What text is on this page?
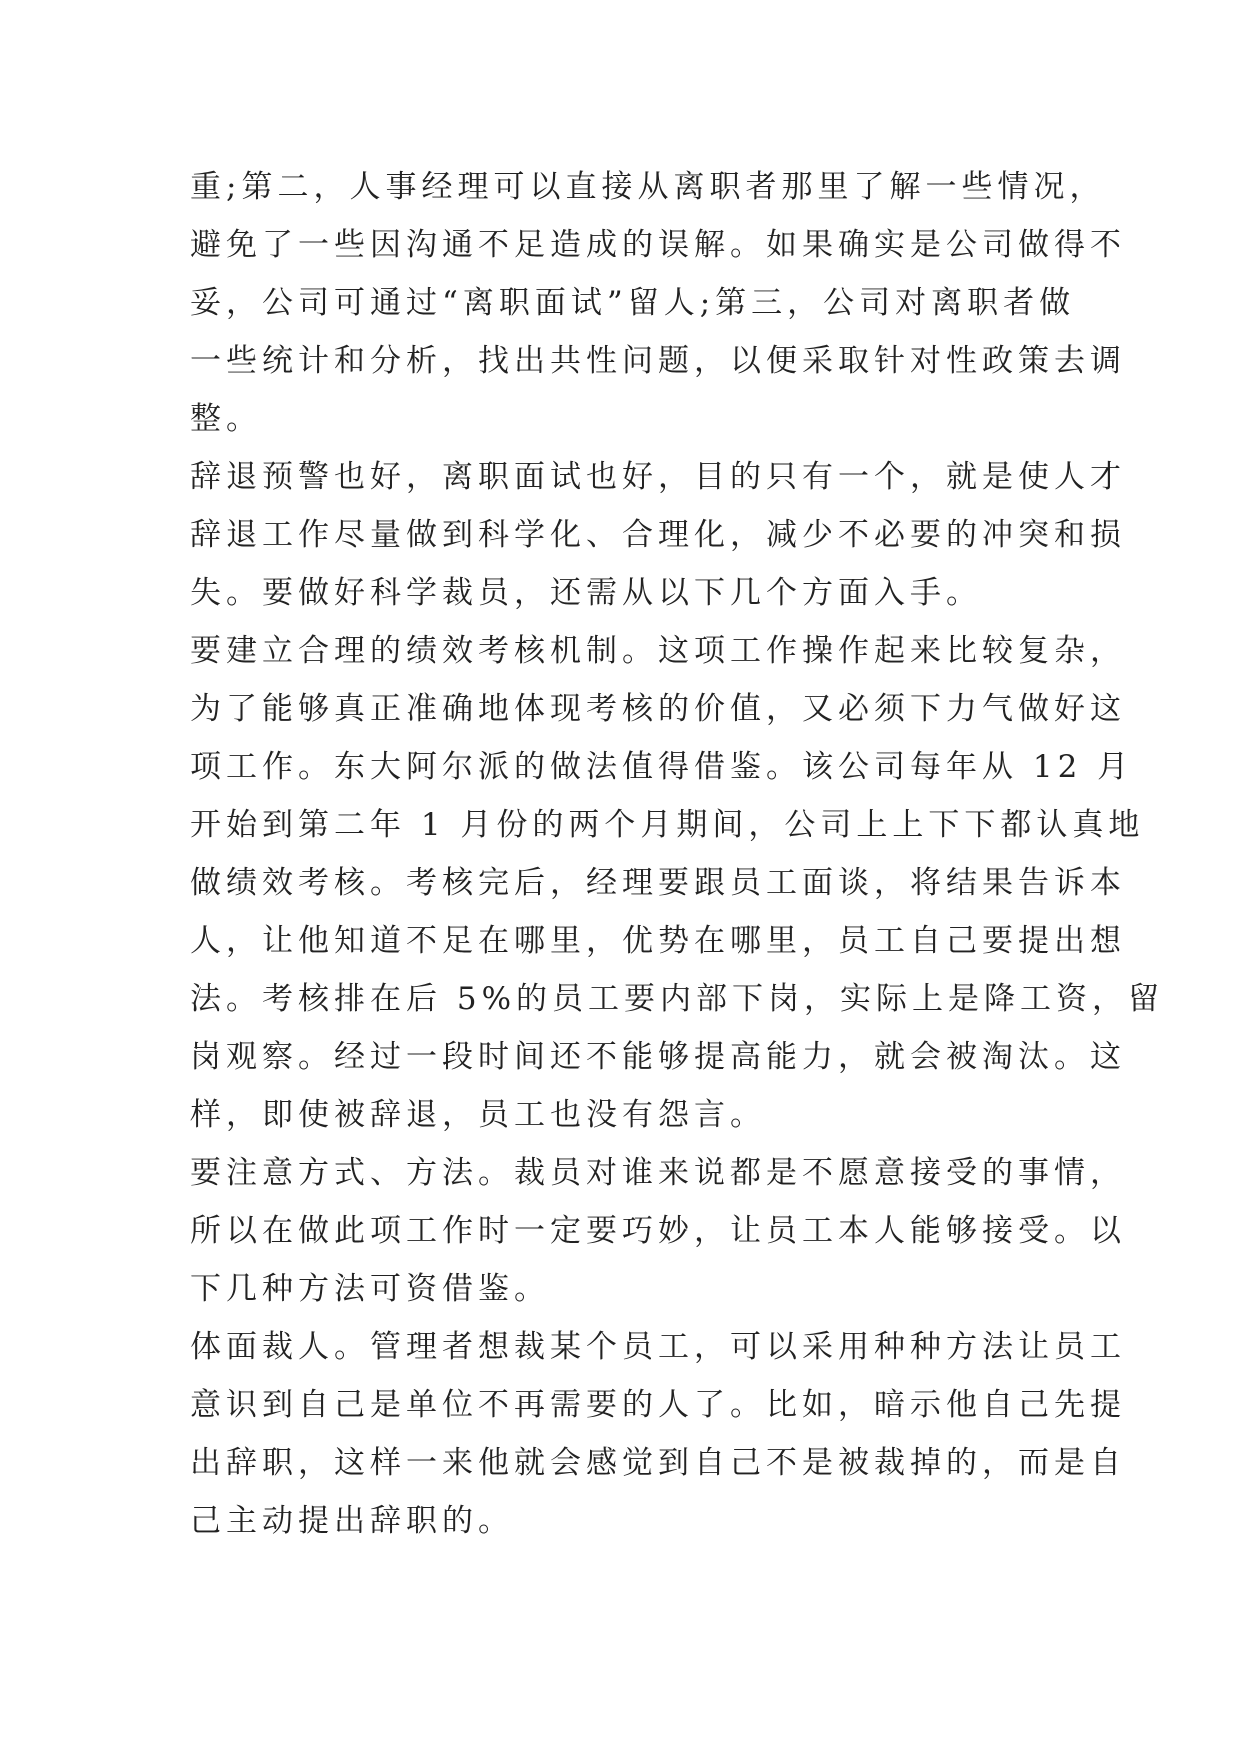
重;第二，人事经理可以直接从离职者那里了解一些情况，
避免了一些因沟通不足造成的误解。如果确实是公司做得不
妥，公司可通过“离职面试”留人;第三，公司对离职者做
一些统计和分析，找出共性问题，以便采取针对性政策去调
整。
辞退预警也好，离职面试也好，目的只有一个，就是使人才
辞退工作尽量做到科学化、合理化，减少不必要的冲突和损
失。要做好科学裁员，还需从以下几个方面入手。
要建立合理的绩效考核机制。这项工作操作起来比较复杂，
为了能够真正准确地体现考核的价值，又必须下力气做好这
项工作。东大阿尔派的做法值得借鉴。该公司每年从 12 月
开始到第二年 1 月份的两个月期间，公司上上下下都认真地
做绩效考核。考核完后，经理要跟员工面谈，将结果告诉本
人，让他知道不足在哪里，优势在哪里，员工自己要提出想
法。考核排在后 5%的员工要内部下岗，实际上是降工资，留
岗观察。经过一段时间还不能够提高能力，就会被淘汰。这
样，即使被辞退，员工也没有怨言。
要注意方式、方法。裁员对谁来说都是不愿意接受的事情，
所以在做此项工作时一定要巧妙，让员工本人能够接受。以
下几种方法可资借鉴。
体面裁人。管理者想裁某个员工，可以采用种种方法让员工
意识到自己是单位不再需要的人了。比如，暗示他自己先提
出辞职，这样一来他就会感觉到自己不是被裁掉的，而是自
己主动提出辞职的。
